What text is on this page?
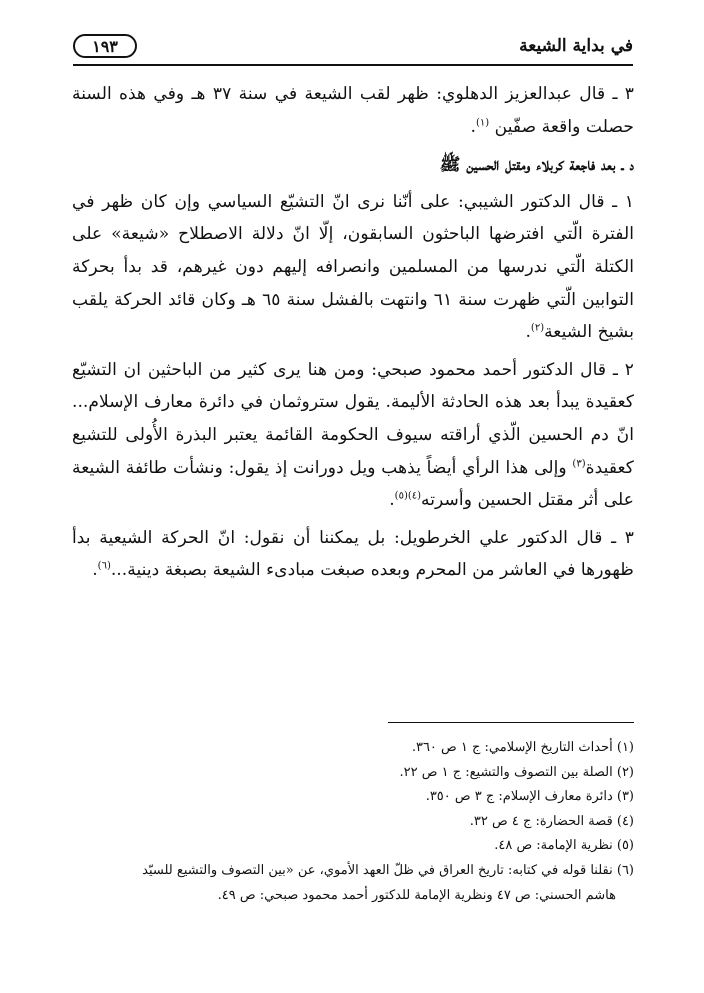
في بداية الشيعة
١٩٣

٣ ـ قال عبدالعزيز الدهلوي: ظهر لقب الشيعة في سنة ٣٧ هـ وفي هذه السنة حصلت واقعة صفّين $^{(١)}$.

د ـ بعد فاجعة كربلاء ومقتل الحسين ﷺ

١ ـ قال الدكتور الشيبي: على أنّنا نرى انّ التشيّع السياسي وإن كان ظهر في الفترة الّتي افترضها الباحثون السابقون، إلّا انّ دلالة الاصطلاح «شيعة» على الكتلة الّتي ندرسها من المسلمين وانصرافه إليهم دون غيرهم، قد بدأ بحركة التوابين الّتي ظهرت سنة ٦١ وانتهت بالفشل سنة ٦٥ هـ وكان قائد الحركة يلقب بشيخ الشيعة$^{(٢)}$.

٢ ـ قال الدكتور أحمد محمود صبحي: ومن هنا يرى كثير من الباحثين ان التشيّع كعقيدة يبدأ بعد هذه الحادثة الأليمة. يقول ستروثمان في دائرة معارف الإسلام... انّ دم الحسين الّذي أراقته سيوف الحكومة القائمة يعتبر البذرة الأُولى للتشيع كعقيدة$^{(٣)}$ وإلى هذا الرأي أيضاً يذهب ويل دورانت إذ يقول: ونشأت طائفة الشيعة على أثر مقتل الحسين وأسرته$^{(٤)(٥)}$.

٣ ـ قال الدكتور علي الخرطويل: بل يمكننا أن نقول: انّ الحركة الشيعية بدأ ظهورها في العاشر من المحرم وبعده صبغت مبادىء الشيعة بصبغة دينية...$^{(٦)}$.

(١) أحداث التاريخ الإسلامي: ج ١ ص ٣٦٠.

(٢) الصلة بين التصوف والتشيع: ج ١ ص ٢٢.

(٣) دائرة معارف الإسلام: ج ٣ ص ٣٥٠.

(٤) قصة الحضارة: ج ٤ ص ٣٢.

(٥) نظرية الإمامة: ص ٤٨.

(٦) نقلنا قوله في كتابه: تاريخ العراق في ظلّ العهد الأموي، عن «بين التصوف والتشيع للسيّد

هاشم الحسني: ص ٤٧ ونظرية الإمامة للدكتور أحمد محمود صبحي: ص ٤٩.
